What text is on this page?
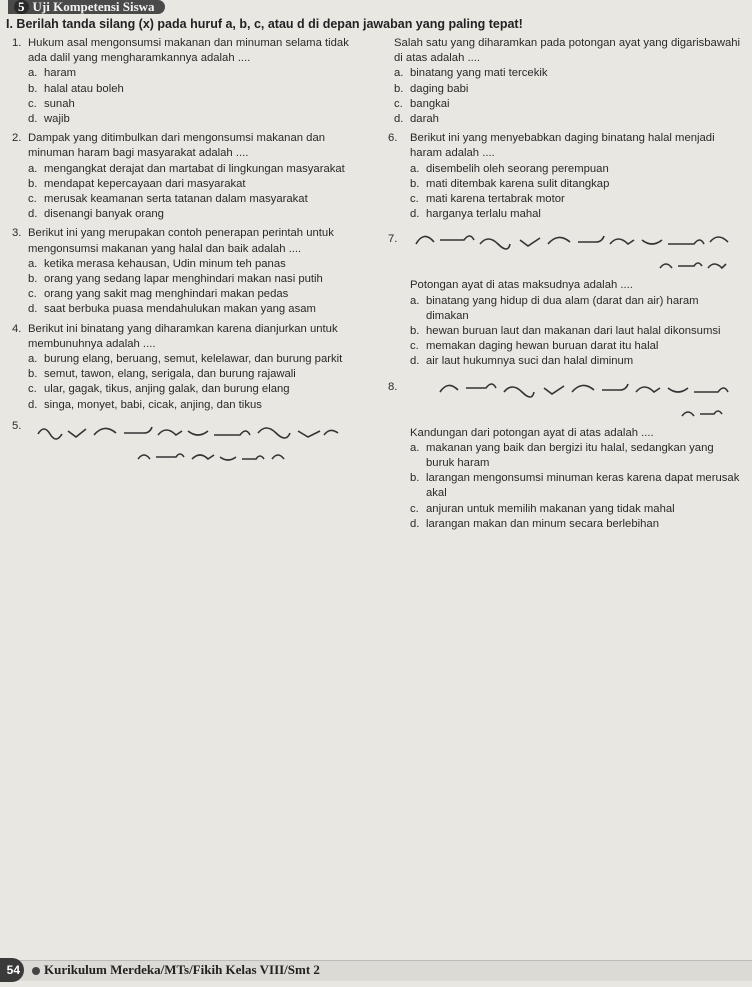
5 Uji Kompetensi Siswa
I. Berilah tanda silang (x) pada huruf a, b, c, atau d di depan jawaban yang paling tepat!
1. Hukum asal mengonsumsi makanan dan minuman selama tidak ada dalil yang mengharamkannya adalah ....
a. haram
b. halal atau boleh
c. sunah
d. wajib
2. Dampak yang ditimbulkan dari mengonsumsi makanan dan minuman haram bagi masyarakat adalah ....
a. mengangkat derajat dan martabat di lingkungan masyarakat
b. mendapat kepercayaan dari masyarakat
c. merusak keamanan serta tatanan dalam masyarakat
d. disenangi banyak orang
3. Berikut ini yang merupakan contoh penerapan perintah untuk mengonsumsi makanan yang halal dan baik adalah ....
a. ketika merasa kehausan, Udin minum teh panas
b. orang yang sedang lapar menghindari makan nasi putih
c. orang yang sakit mag menghindari makan pedas
d. saat berbuka puasa mendahulukan makan yang asam
4. Berikut ini binatang yang diharamkan karena dianjurkan untuk membunuhnya adalah ....
a. burung elang, beruang, semut, kelelawar, dan burung parkit
b. semut, tawon, elang, serigala, dan burung rajawali
c. ular, gagak, tikus, anjing galak, dan burung elang
d. singa, monyet, babi, cicak, anjing, dan tikus
5.
Salah satu yang diharamkan pada potongan ayat yang digarisbawahi di atas adalah ....
a. binatang yang mati tercekik
b. daging babi
c. bangkai
d. darah
6. Berikut ini yang menyebabkan daging binatang halal menjadi haram adalah ....
a. disembelih oleh seorang perempuan
b. mati ditembak karena sulit ditangkap
c. mati karena tertabrak motor
d. harganya terlalu mahal
7.
Potongan ayat di atas maksudnya adalah ....
a. binatang yang hidup di dua alam (darat dan air) haram dimakan
b. hewan buruan laut dan makanan dari laut halal dikonsumsi
c. memakan daging hewan buruan darat itu halal
d. air laut hukumnya suci dan halal diminum
8.
Kandungan dari potongan ayat di atas adalah ....
a. makanan yang baik dan bergizi itu halal, sedangkan yang buruk haram
b. larangan mengonsumsi minuman keras karena dapat merusak akal
c. anjuran untuk memilih makanan yang tidak mahal
d. larangan makan dan minum secara berlebihan
54	Kurikulum Merdeka/MTs/Fikih Kelas VIII/Smt 2
